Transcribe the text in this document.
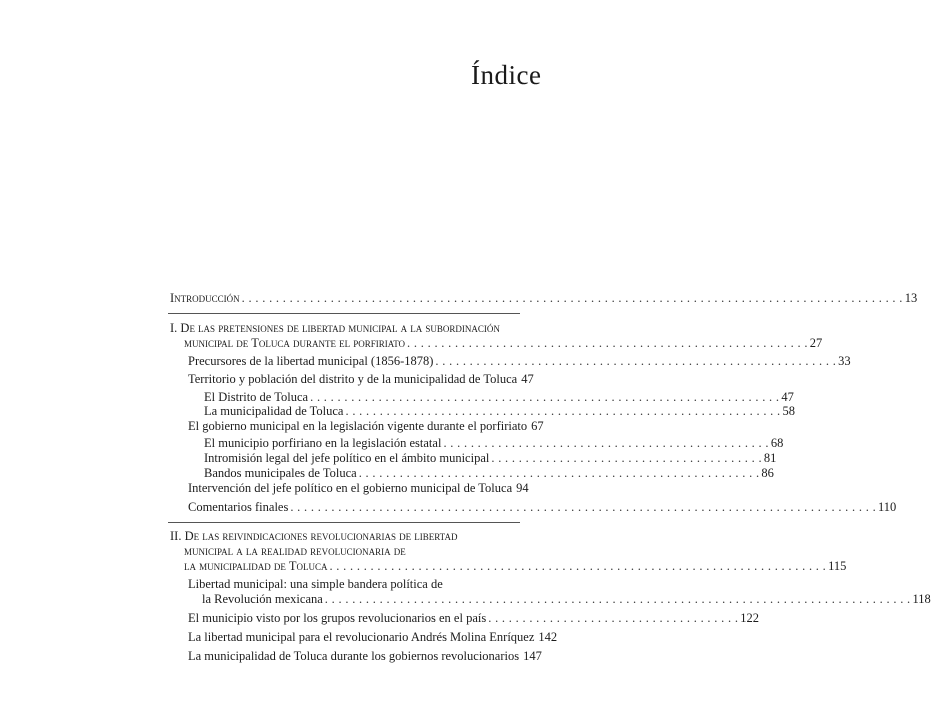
Índice
Introducción . . . . . . . . . . . . . . . . . . . . . . . . . . . . . . . . . . . . . . . . . . . . . . . . . . . . . . . . . . . . . . . . . . . . . . . . . . . . . . . . . . . . . . . . . . . . . . . . . 13
I. De las pretensiones de libertad municipal a la subordinación
municipal de Toluca durante el porfiriato . . . . . . . . . . . . . . . . . . . . . . . . . . . . . . . . . . . . . . . . . . . . . . . . . . . . . . . . . . . 27
Precursores de la libertad municipal (1856-1878) . . . . . . . . . . . . . . . . . . . . . . . . . . . . . . . . . . . . . . . . . . . . . . . . . . . . . . . . . . . 33
Territorio y población del distrito y de la municipalidad de Toluca 47
El Distrito de Toluca . . . . . . . . . . . . . . . . . . . . . . . . . . . . . . . . . . . . . . . . . . . . . . . . . . . . . . . . . . . . . . . . . . . . . 47
La municipalidad de Toluca . . . . . . . . . . . . . . . . . . . . . . . . . . . . . . . . . . . . . . . . . . . . . . . . . . . . . . . . . . . . . . . . 58
El gobierno municipal en la legislación vigente durante el porfiriato 67
El municipio porfiriano en la legislación estatal . . . . . . . . . . . . . . . . . . . . . . . . . . . . . . . . . . . . . . . . . . . . . . . . 68
Intromisión legal del jefe político en el ámbito municipal . . . . . . . . . . . . . . . . . . . . . . . . . . . . . . . . . . . . . . . . 81
Bandos municipales de Toluca . . . . . . . . . . . . . . . . . . . . . . . . . . . . . . . . . . . . . . . . . . . . . . . . . . . . . . . . . . . 86
Intervención del jefe político en el gobierno municipal de Toluca 94
Comentarios finales . . . . . . . . . . . . . . . . . . . . . . . . . . . . . . . . . . . . . . . . . . . . . . . . . . . . . . . . . . . . . . . . . . . . . . . . . . . . . . . . . . . . . . 110
II. De las reivindicaciones revolucionarias de libertad
municipal a la realidad revolucionaria de
la municipalidad de Toluca . . . . . . . . . . . . . . . . . . . . . . . . . . . . . . . . . . . . . . . . . . . . . . . . . . . . . . . . . . . . . . . . . . . . . . . . . 115
Libertad municipal: una simple bandera política de
la Revolución mexicana . . . . . . . . . . . . . . . . . . . . . . . . . . . . . . . . . . . . . . . . . . . . . . . . . . . . . . . . . . . . . . . . . . . . . . . . . . . . . . . . . . . . . . 118
El municipio visto por los grupos revolucionarios en el país . . . . . . . . . . . . . . . . . . . . . . . . . . . . . . . . . . . . . 122
La libertad municipal para el revolucionario Andrés Molina Enríquez 142
La municipalidad de Toluca durante los gobiernos revolucionarios 147
